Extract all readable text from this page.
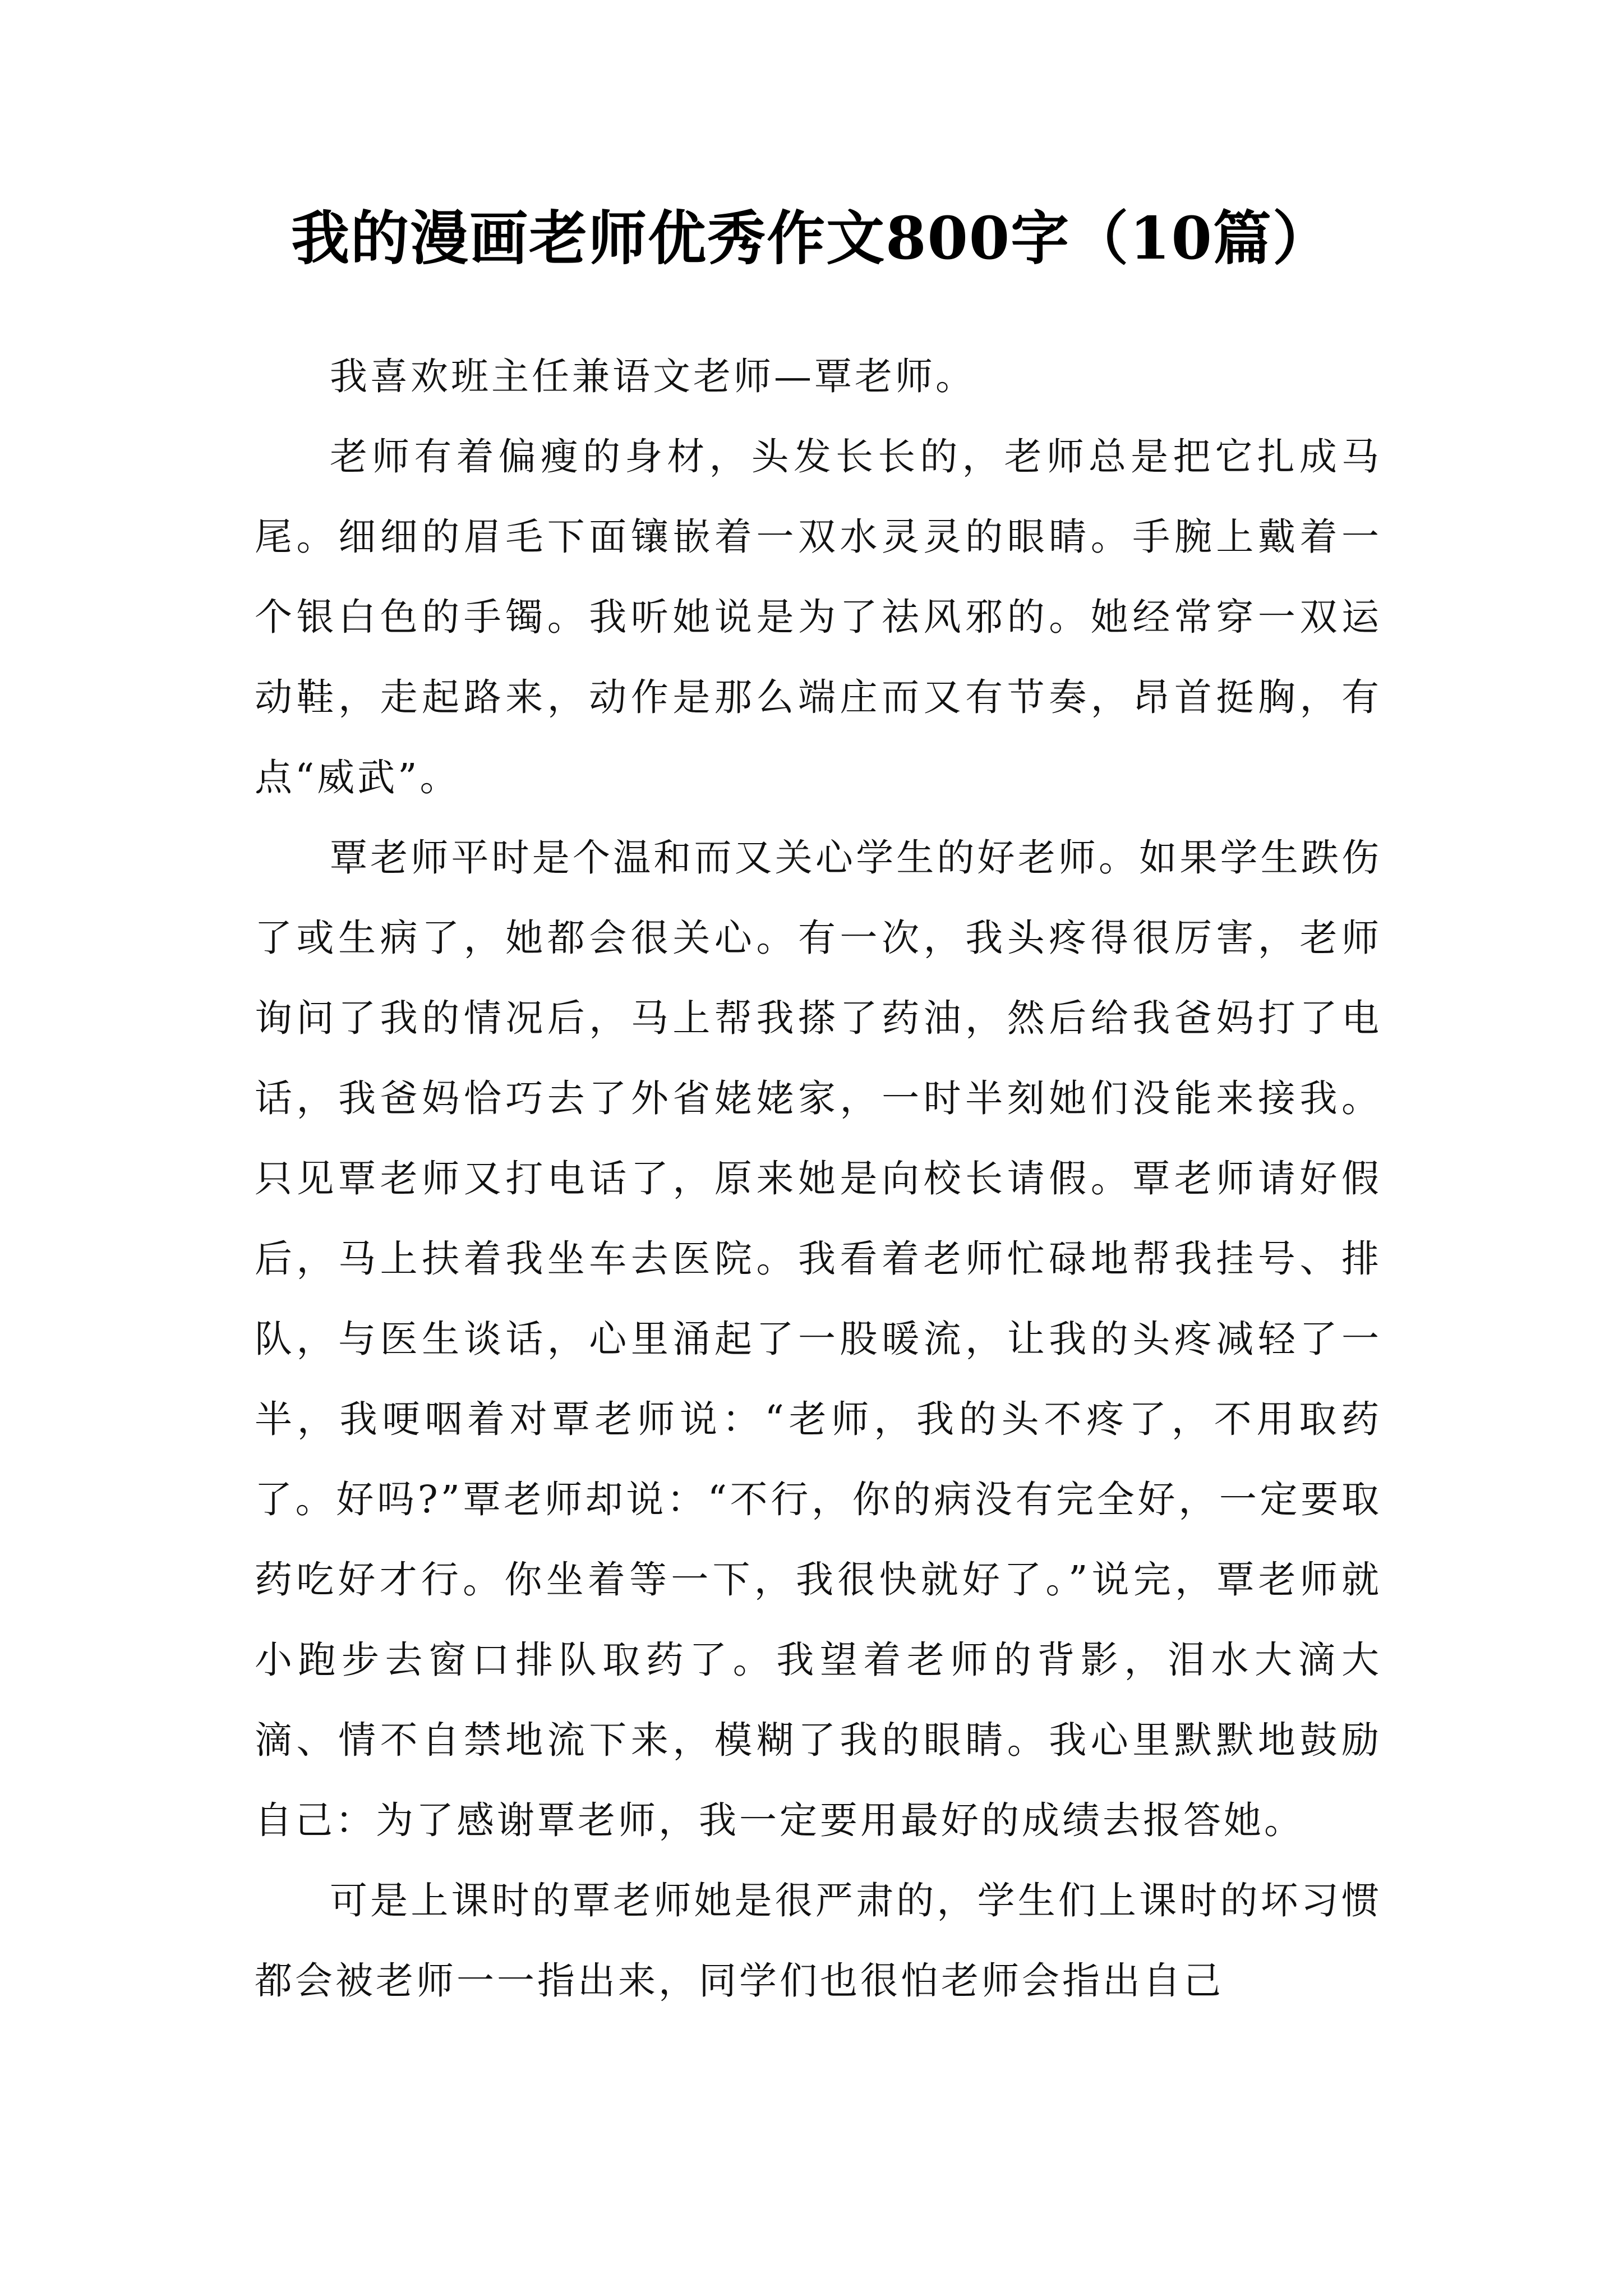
我的漫画老师优秀作文800字（10篇）

我喜欢班主任兼语文老师—覃老师。

老师有着偏瘦的身材，头发长长的，老师总是把它扎成马尾。细细的眉毛下面镶嵌着一双水灵灵的眼睛。手腕上戴着一个银白色的手镯。我听她说是为了祛风邪的。她经常穿一双运动鞋，走起路来，动作是那么端庄而又有节奏，昂首挺胸，有点“威武”。

覃老师平时是个温和而又关心学生的好老师。如果学生跌伤了或生病了，她都会很关心。有一次，我头疼得很厉害，老师询问了我的情况后，马上帮我搽了药油，然后给我爸妈打了电话，我爸妈恰巧去了外省姥姥家，一时半刻她们没能来接我。只见覃老师又打电话了，原来她是向校长请假。覃老师请好假后，马上扶着我坐车去医院。我看着老师忙碌地帮我挂号、排队，与医生谈话，心里涌起了一股暖流，让我的头疼减轻了一半，我哽咽着对覃老师说：“老师，我的头不疼了，不用取药了。好吗?”覃老师却说：“不行，你的病没有完全好，一定要取药吃好才行。你坐着等一下，我很快就好了。”说完，覃老师就小跑步去窗口排队取药了。我望着老师的背影，泪水大滴大滴、情不自禁地流下来，模糊了我的眼睛。我心里默默地鼓励自己：为了感谢覃老师，我一定要用最好的成绩去报答她。

可是上课时的覃老师她是很严肃的，学生们上课时的坏习惯都会被老师一一指出来，同学们也很怕老师会指出自己
